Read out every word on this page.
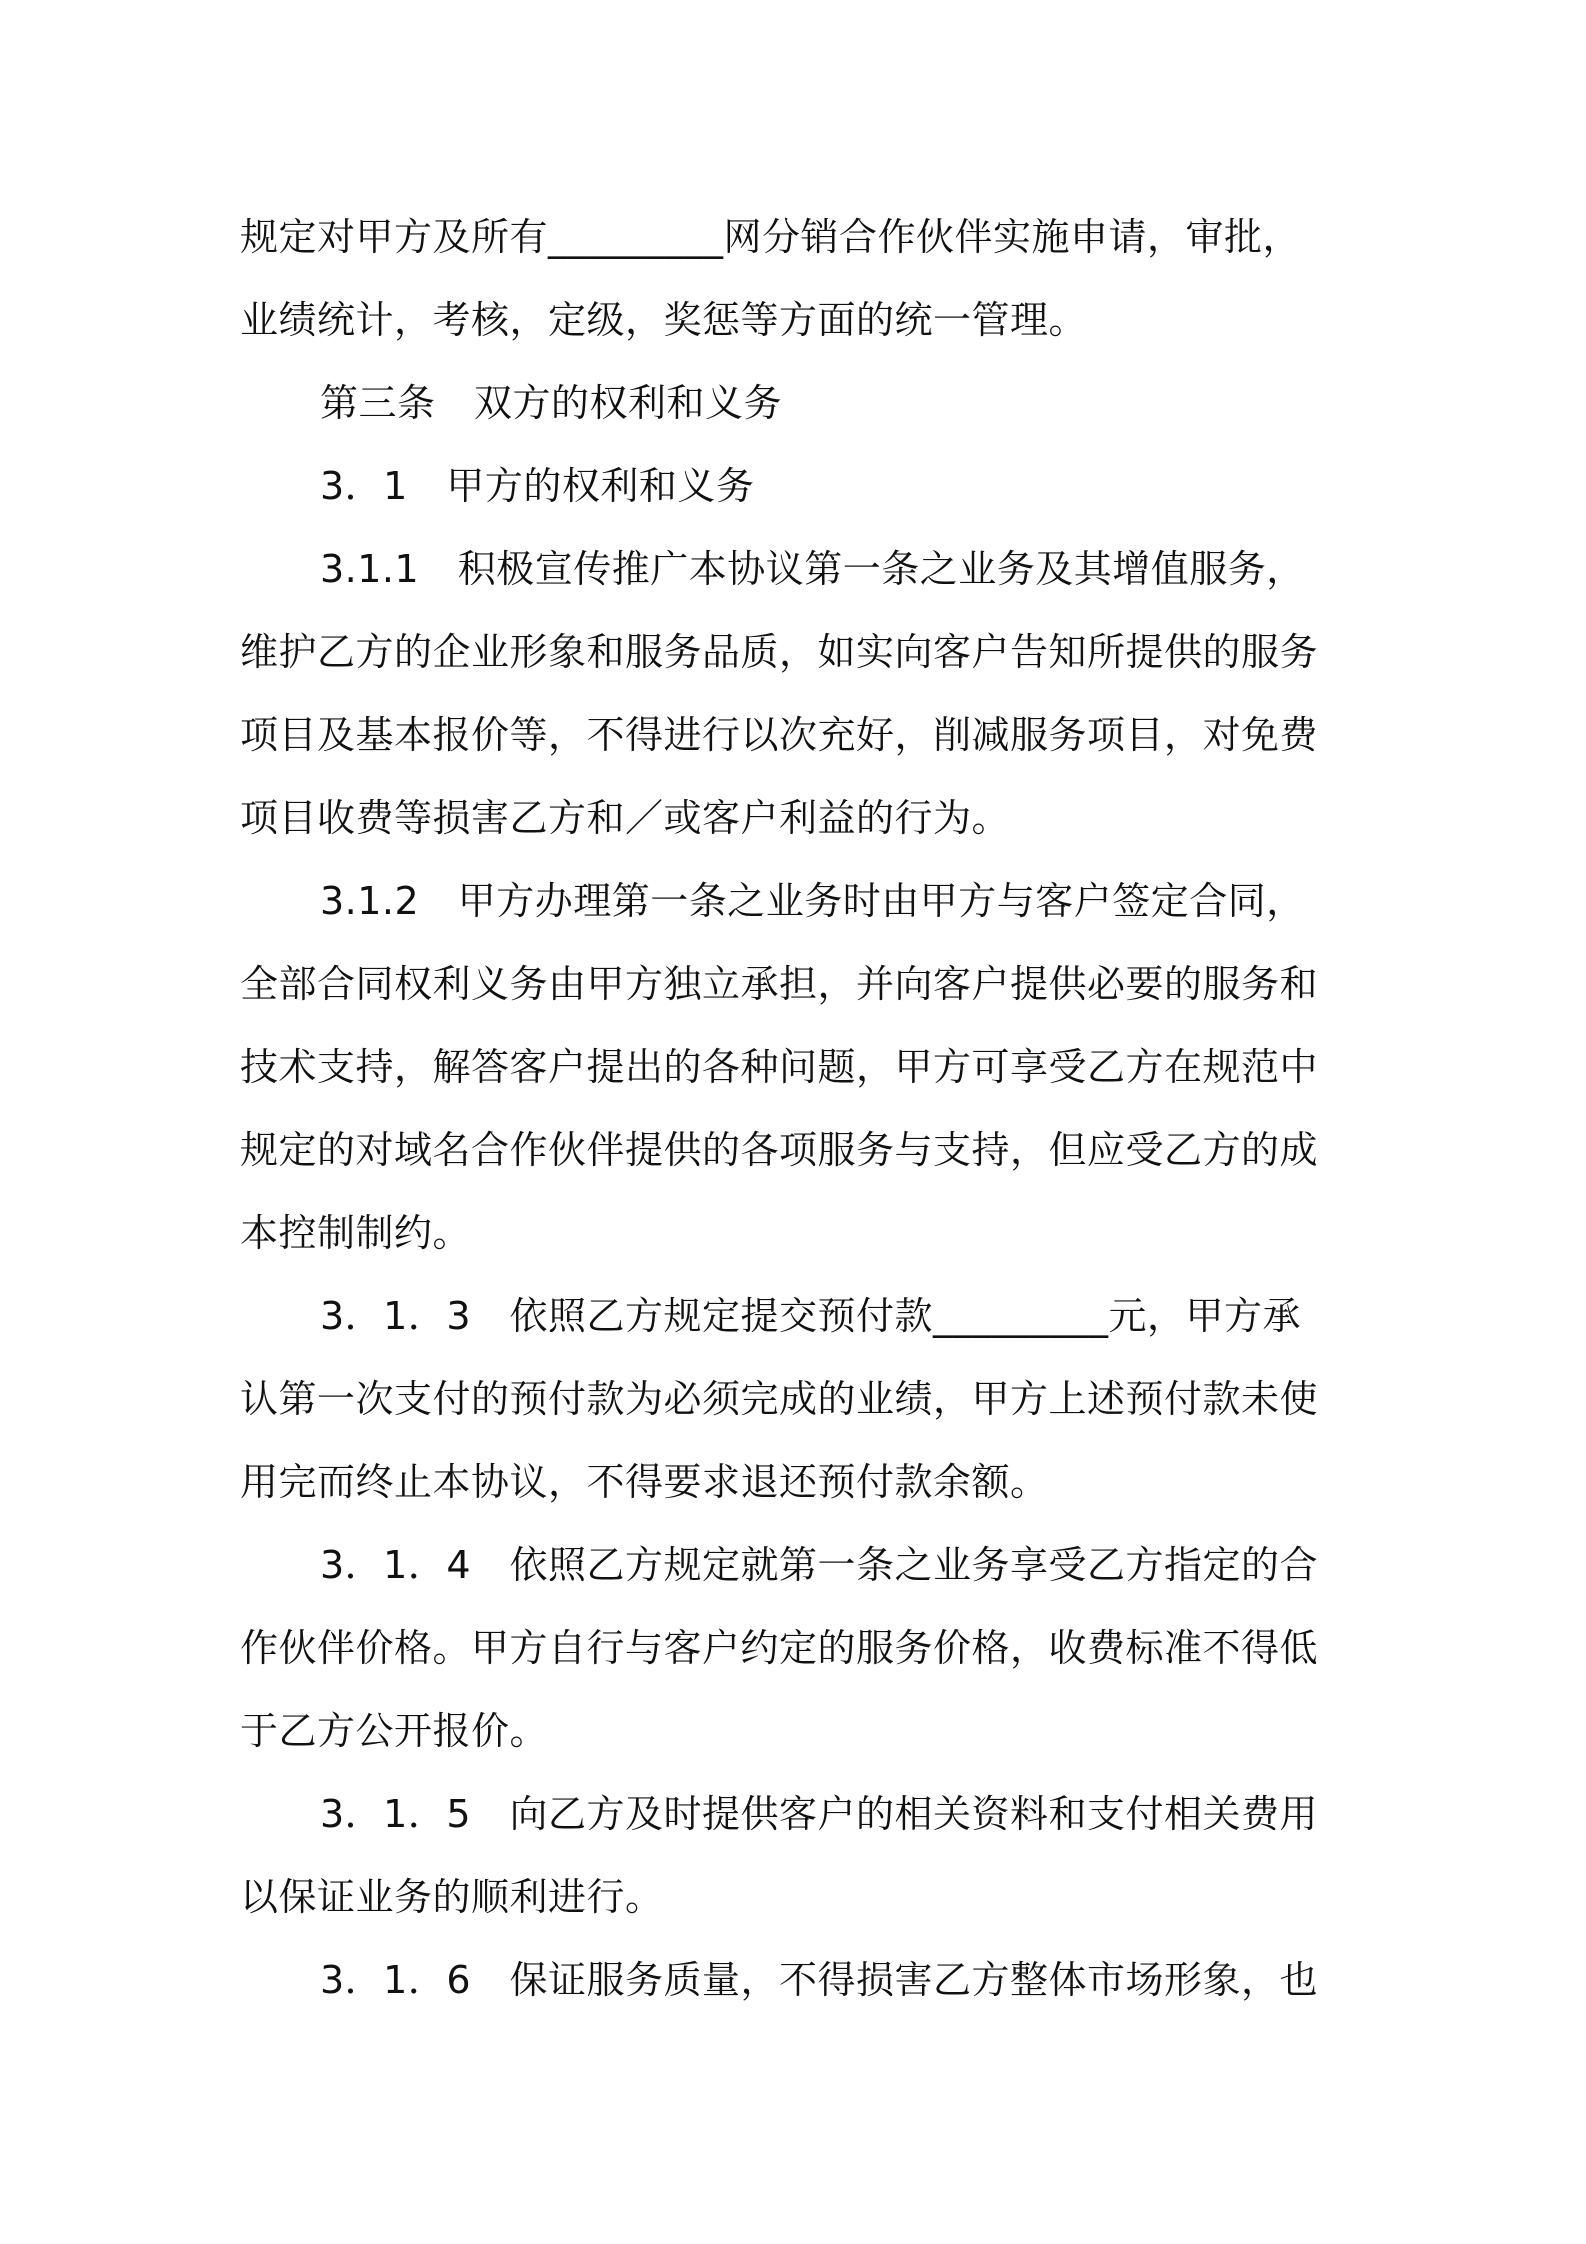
规定对甲方及所有_________网分销合作伙伴实施申请，审批，
业绩统计，考核，定级，奖惩等方面的统一管理。
第三条　双方的权利和义务
3．1　甲方的权利和义务
3.1.1　积极宣传推广本协议第一条之业务及其增值服务，
维护乙方的企业形象和服务品质，如实向客户告知所提供的服务
项目及基本报价等，不得进行以次充好，削减服务项目，对免费
项目收费等损害乙方和／或客户利益的行为。
3.1.2　甲方办理第一条之业务时由甲方与客户签定合同，
全部合同权利义务由甲方独立承担，并向客户提供必要的服务和
技术支持，解答客户提出的各种问题，甲方可享受乙方在规范中
规定的对域名合作伙伴提供的各项服务与支持，但应受乙方的成
本控制制约。
3．1．3　依照乙方规定提交预付款_________元，甲方承
认第一次支付的预付款为必须完成的业绩，甲方上述预付款未使
用完而终止本协议，不得要求退还预付款余额。
3．1．4　依照乙方规定就第一条之业务享受乙方指定的合
作伙伴价格。甲方自行与客户约定的服务价格，收费标准不得低
于乙方公开报价。
3．1．5　向乙方及时提供客户的相关资料和支付相关费用
以保证业务的顺利进行。
3．1．6　保证服务质量，不得损害乙方整体市场形象，也
